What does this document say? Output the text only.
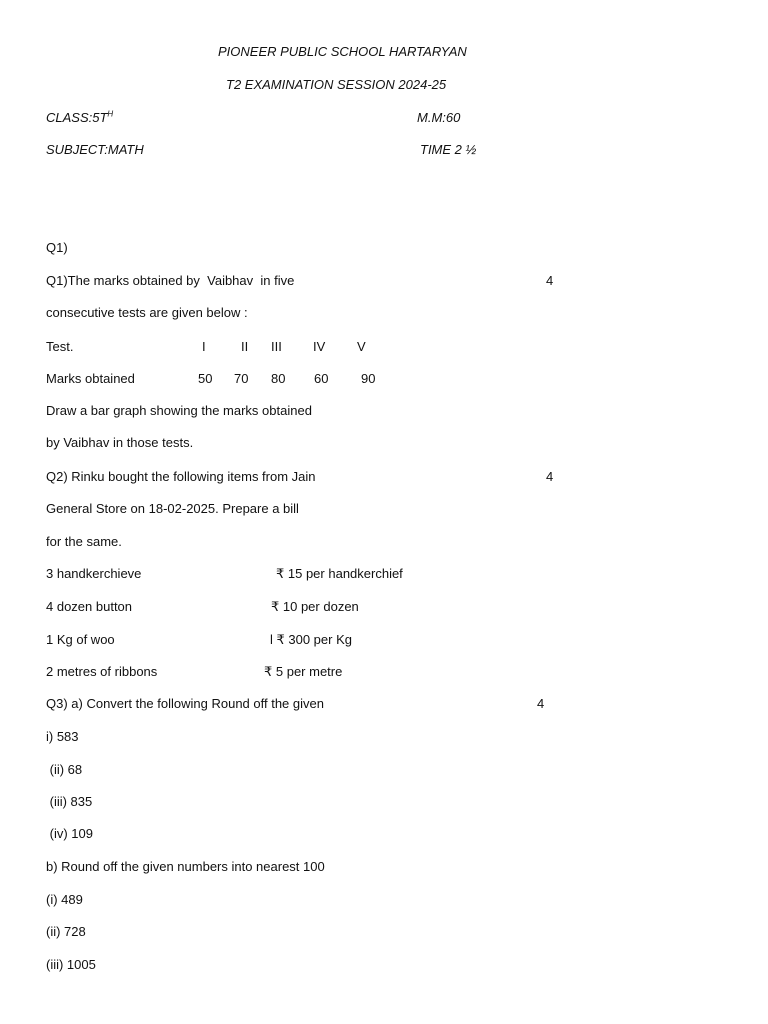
PIONEER PUBLIC SCHOOL HARTARYAN
T2 EXAMINATION SESSION 2024-25
$CLASS:5T^H$	M.M:60
SUBJECT:MATH	TIME 2 ½
Q1)
Q1)The marks obtained by  Vaibhav  in five	4
consecutive tests are given below :
Test.	I	II III IV V
Marks obtained	50 70 80 60	90
Draw a bar graph showing the marks obtained
by Vaibhav in those tests.
Q2) Rinku bought the following items from Jain	4
General Store on 18-02-2025. Prepare a bill
for the same.
3 handkerchieve	₹ 15 per handkerchief
4 dozen button	₹ 10 per dozen
1 Kg of woo	l ₹ 300 per Kg
2 metres of ribbons	₹ 5 per metre
Q3) a) Convert the following Round off the given	4
i) 583
(ii) 68
(iii) 835
(iv) 109
b) Round off the given numbers into nearest 100
(i) 489
(ii) 728
(iii) 1005
